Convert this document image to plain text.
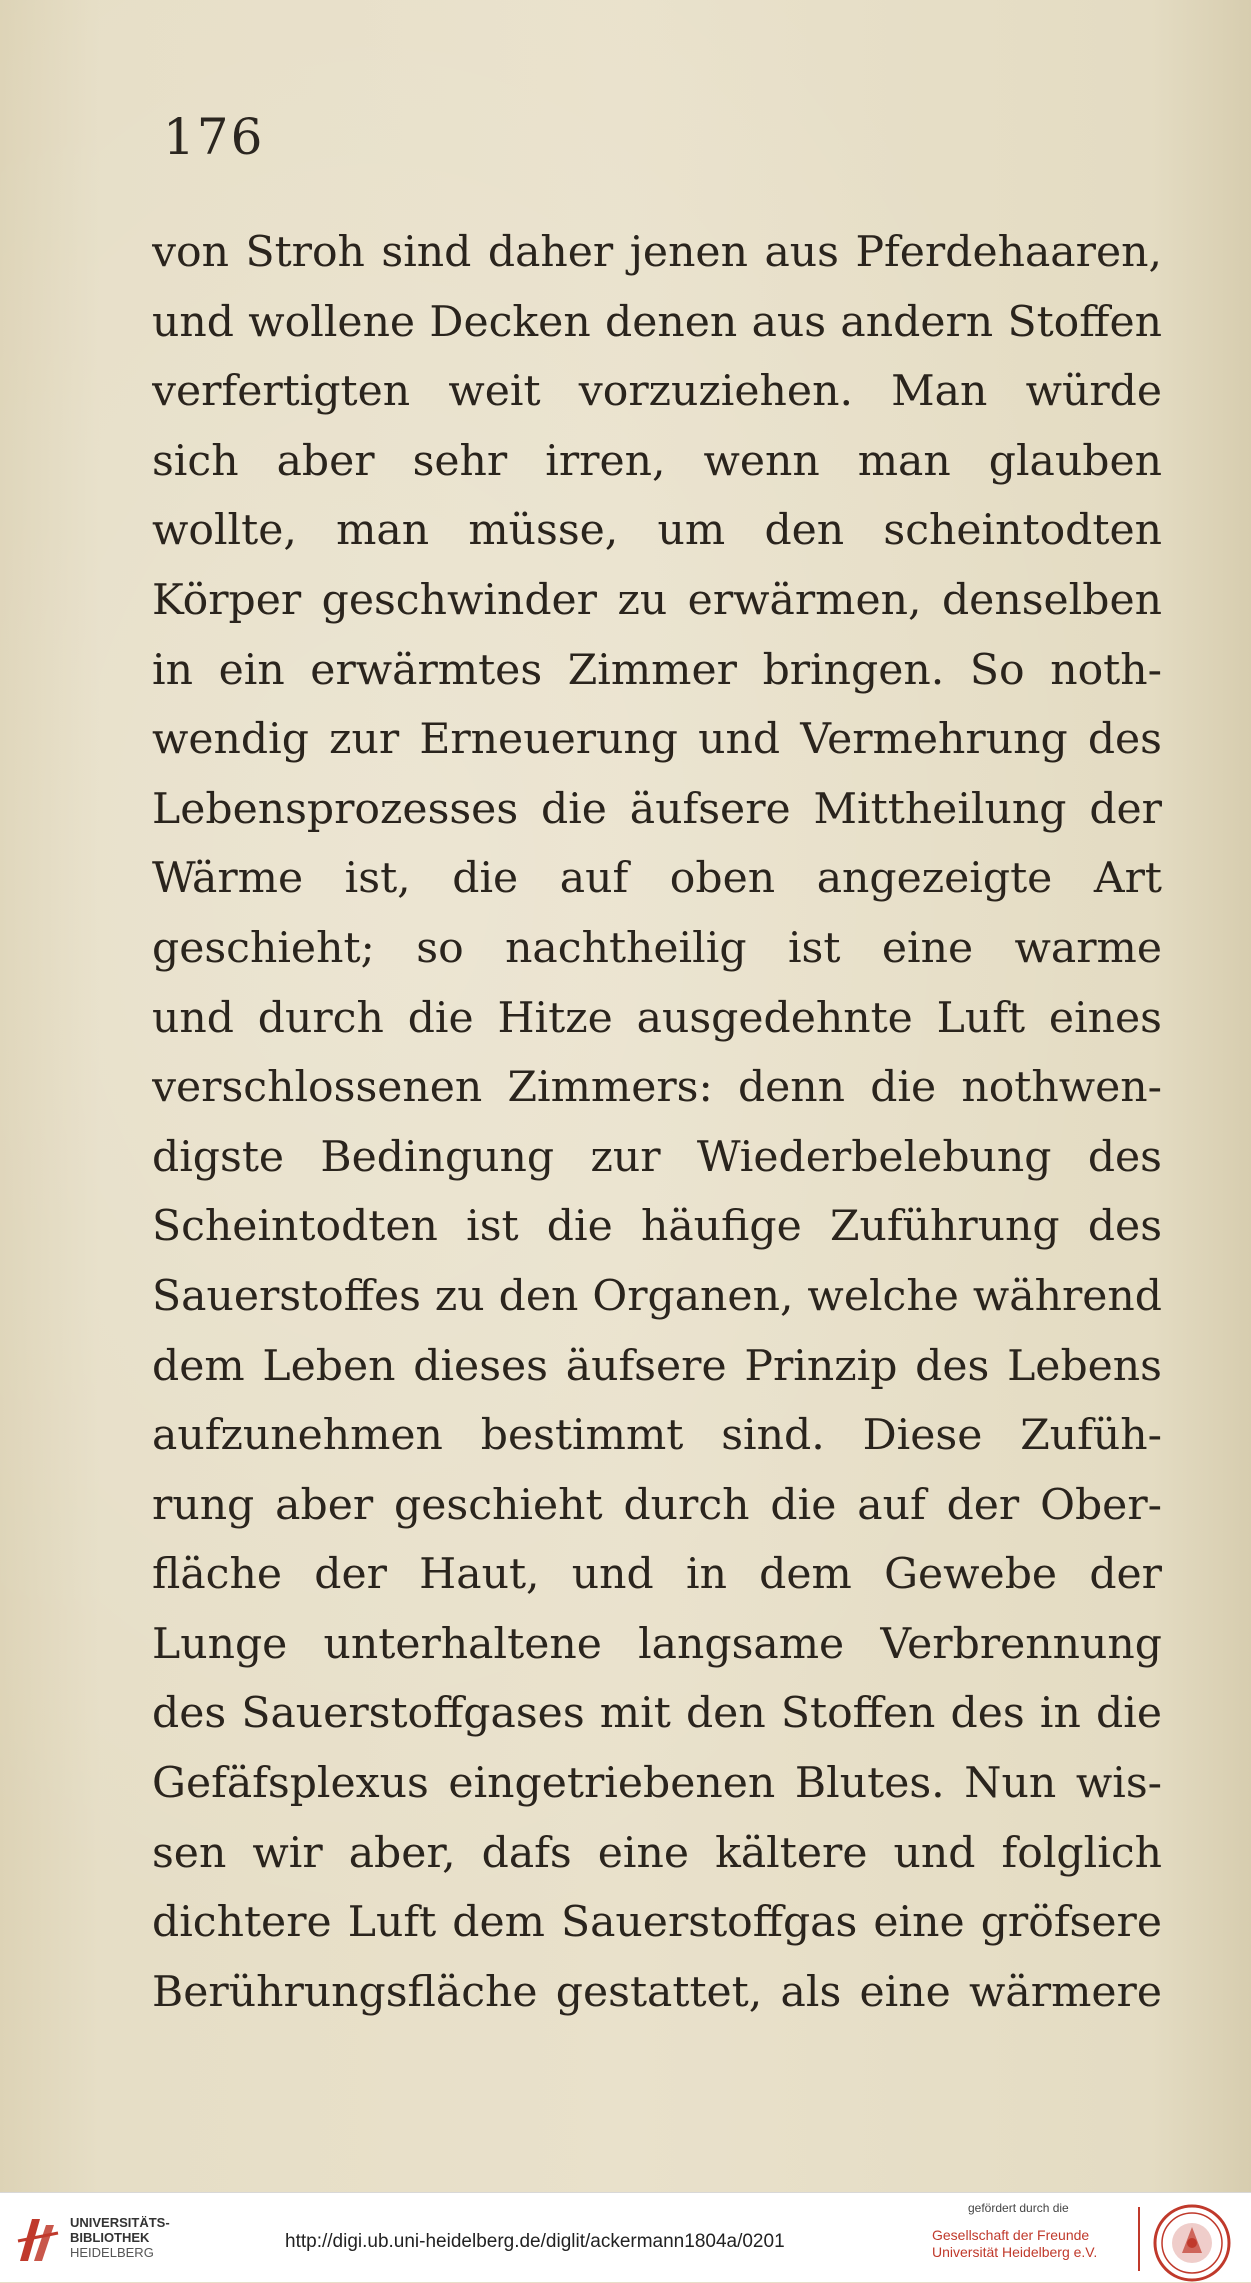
176
von Stroh sind daher jenen aus Pferdehaaren,
und wollene Decken denen aus andern Stoffen
verfertigten weit vorzuziehen. Man würde
sich aber sehr irren, wenn man glauben
wollte, man müsse, um den scheintodten
Körper geschwinder zu erwärmen, denselben
in ein erwärmtes Zimmer bringen. So noth-
wendig zur Erneuerung und Vermehrung des
Lebensprozesses die äufsere Mittheilung der
Wärme ist, die auf oben angezeigte Art
geschieht; so nachtheilig ist eine warme
und durch die Hitze ausgedehnte Luft eines
verschlossenen Zimmers: denn die nothwen-
digste Bedingung zur Wiederbelebung des
Scheintodten ist die häufige Zuführung des
Sauerstoffes zu den Organen, welche während
dem Leben dieses äufsere Prinzip des Lebens
aufzunehmen bestimmt sind. Diese Zufüh-
rung aber geschieht durch die auf der Ober-
fläche der Haut, und in dem Gewebe der
Lunge unterhaltene langsame Verbrennung
des Sauerstoffgases mit den Stoffen des in die
Gefäfsplexus eingetriebenen Blutes. Nun wis-
sen wir aber, dafs eine kältere und folglich
dichtere Luft dem Sauerstoffgas eine gröfsere
Berührungsfläche gestattet, als eine wärmere
UNIVERSITÄTS-
BIBLIOTHEK
HEIDELBERG
http://digi.ub.uni-heidelberg.de/diglit/ackermann1804a/0201
gefördert durch die
Gesellschaft der Freunde
Universität Heidelberg e.V.
